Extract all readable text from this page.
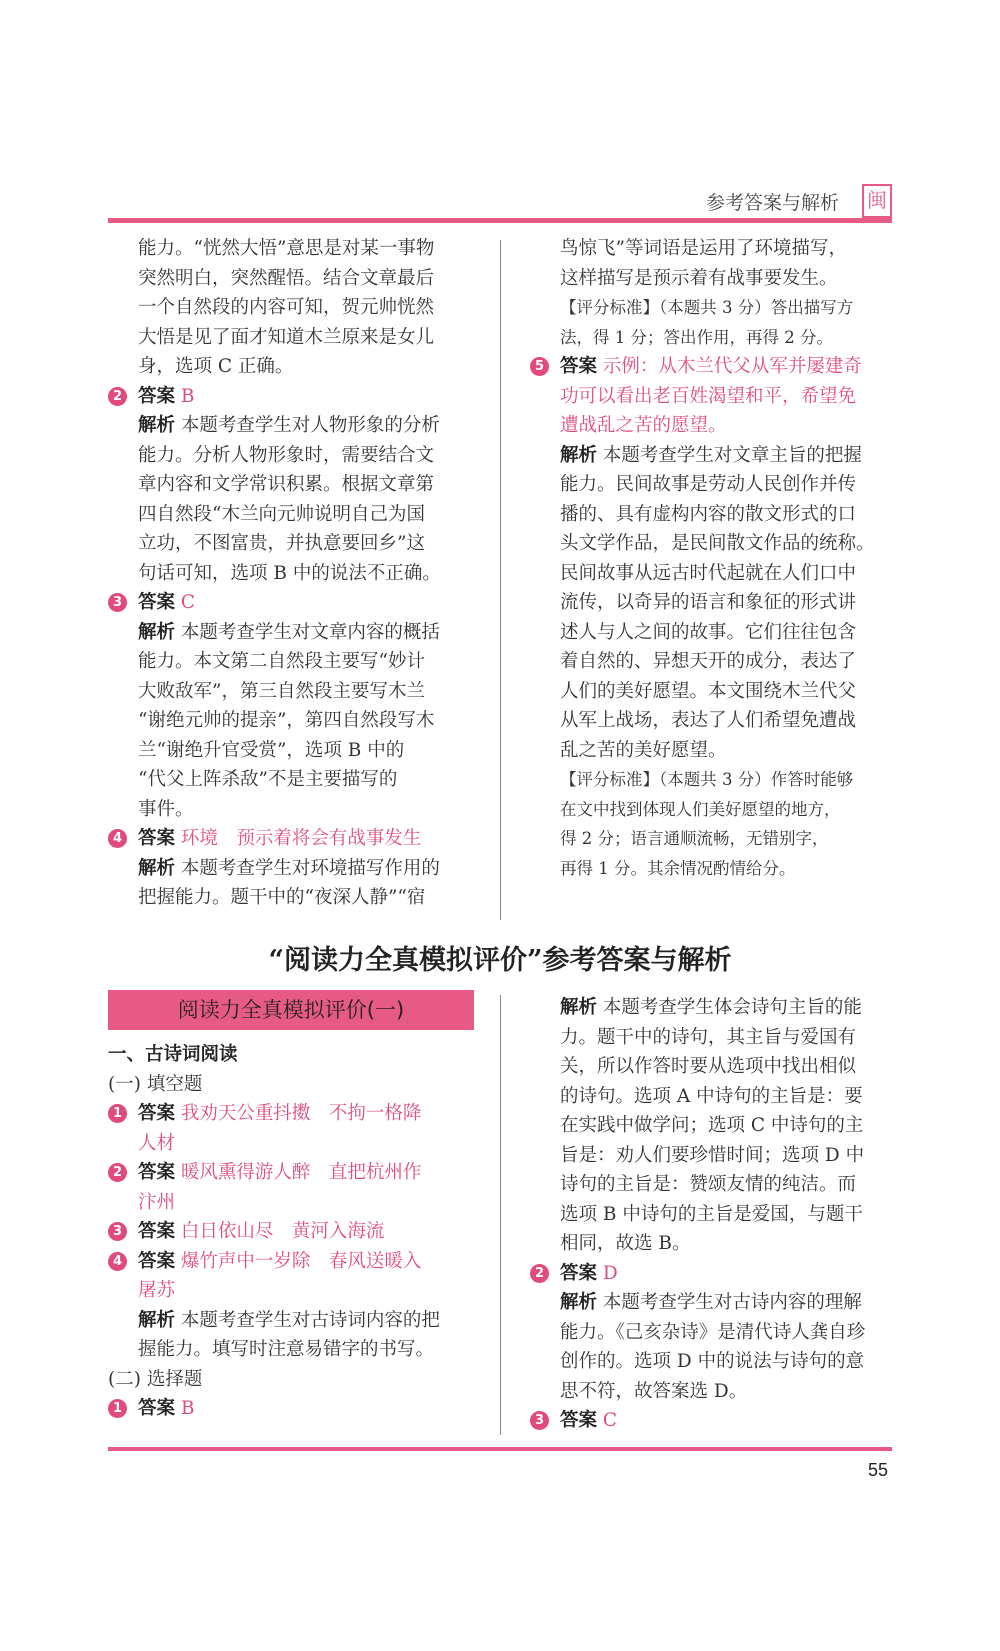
参考答案与解析 闽

能力。“恍然大悟”意思是对某一事物

突然明白，突然醒悟。结合文章最后

一个自然段的内容可知，贺元帅恍然

大悟是见了面才知道木兰原来是女儿

身，选项 C 正确。

2 答案 B

解析 本题考查学生对人物形象的分析

能力。分析人物形象时，需要结合文

章内容和文学常识积累。根据文章第

四自然段“木兰向元帅说明自己为国

立功，不图富贵，并执意要回乡”这

句话可知，选项 B 中的说法不正确。

3 答案 C

解析 本题考查学生对文章内容的概括

能力。本文第二自然段主要写“妙计

大败敌军”，第三自然段主要写木兰

“谢绝元帅的提亲”，第四自然段写木

兰“谢绝升官受赏”，选项 B 中的

“代父上阵杀敌”不是主要描写的

事件。

4 答案 环境　预示着将会有战事发生

解析 本题考查学生对环境描写作用的

把握能力。题干中的“夜深人静”“宿

鸟惊飞”等词语是运用了环境描写，

这样描写是预示着有战事要发生。

【评分标准】（本题共 3 分）答出描写方

法，得 1 分；答出作用，再得 2 分。

5 答案 示例：从木兰代父从军并屡建奇

功可以看出老百姓渴望和平，希望免

遭战乱之苦的愿望。

解析 本题考查学生对文章主旨的把握

能力。民间故事是劳动人民创作并传

播的、具有虚构内容的散文形式的口

头文学作品，是民间散文作品的统称。

民间故事从远古时代起就在人们口中

流传，以奇异的语言和象征的形式讲

述人与人之间的故事。它们往往包含

着自然的、异想天开的成分，表达了

人们的美好愿望。本文围绕木兰代父

从军上战场，表达了人们希望免遭战

乱之苦的美好愿望。

【评分标准】（本题共 3 分）作答时能够

在文中找到体现人们美好愿望的地方，

得 2 分；语言通顺流畅，无错别字，

再得 1 分。其余情况酌情给分。

“阅读力全真模拟评价”参考答案与解析
阅读力全真模拟评价(一)

一、古诗词阅读

(一) 填空题

1 答案 我劝天公重抖擞　不拘一格降

人材

2 答案 暖风熏得游人醉　直把杭州作

汴州

3 答案 白日依山尽　黄河入海流

4 答案 爆竹声中一岁除　春风送暖入

屠苏

解析 本题考查学生对古诗词内容的把

握能力。填写时注意易错字的书写。

(二) 选择题

1 答案 B

解析 本题考查学生体会诗句主旨的能

力。题干中的诗句，其主旨与爱国有

关，所以作答时要从选项中找出相似

的诗句。选项 A 中诗句的主旨是：要

在实践中做学问；选项 C 中诗句的主

旨是：劝人们要珍惜时间；选项 D 中

诗句的主旨是：赞颂友情的纯洁。而

选项 B 中诗句的主旨是爱国，与题干

相同，故选 B。

2 答案 D

解析 本题考查学生对古诗内容的理解

能力。《己亥杂诗》是清代诗人龚自珍

创作的。选项 D 中的说法与诗句的意

思不符，故答案选 D。

3 答案 C

55
